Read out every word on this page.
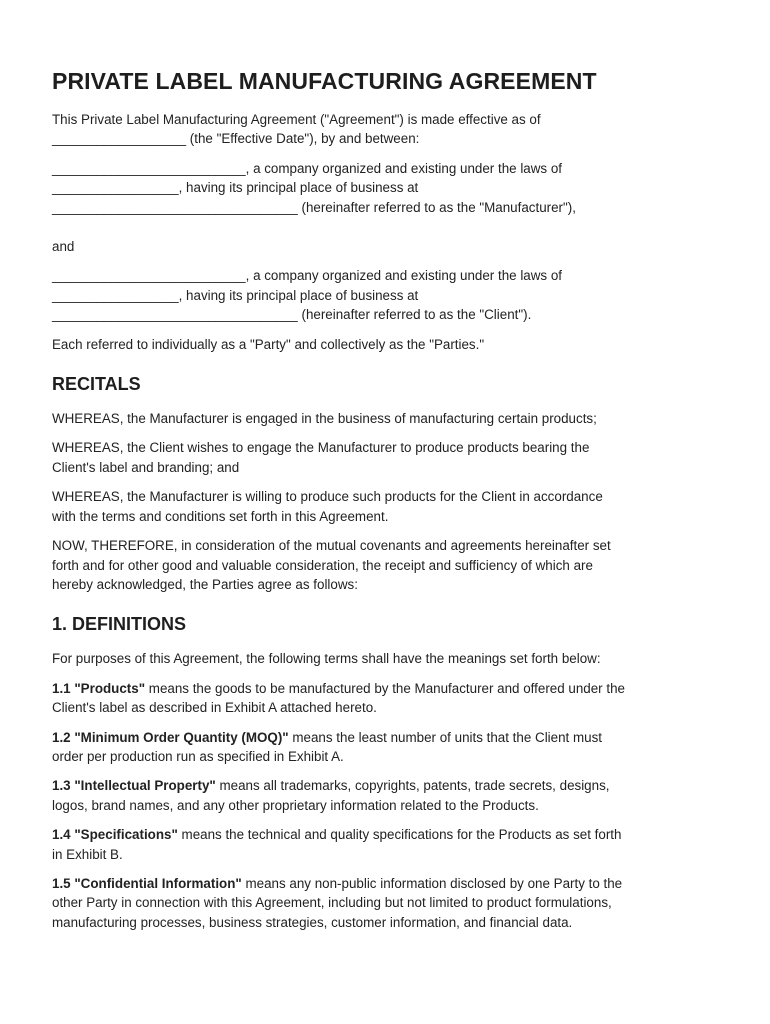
PRIVATE LABEL MANUFACTURING AGREEMENT

This Private Label Manufacturing Agreement ("Agreement") is made effective as of
__________________ (the "Effective Date"), by and between:

__________________________, a company organized and existing under the laws of
_________________, having its principal place of business at
_________________________________ (hereinafter referred to as the "Manufacturer"),

and

__________________________, a company organized and existing under the laws of
_________________, having its principal place of business at
_________________________________ (hereinafter referred to as the "Client").

Each referred to individually as a "Party" and collectively as the "Parties."

RECITALS

WHEREAS, the Manufacturer is engaged in the business of manufacturing certain products;

WHEREAS, the Client wishes to engage the Manufacturer to produce products bearing the
Client's label and branding; and

WHEREAS, the Manufacturer is willing to produce such products for the Client in accordance
with the terms and conditions set forth in this Agreement.

NOW, THEREFORE, in consideration of the mutual covenants and agreements hereinafter set
forth and for other good and valuable consideration, the receipt and sufficiency of which are
hereby acknowledged, the Parties agree as follows:

1. DEFINITIONS

For purposes of this Agreement, the following terms shall have the meanings set forth below:

1.1 "Products" means the goods to be manufactured by the Manufacturer and offered under the
Client's label as described in Exhibit A attached hereto.

1.2 "Minimum Order Quantity (MOQ)" means the least number of units that the Client must
order per production run as specified in Exhibit A.

1.3 "Intellectual Property" means all trademarks, copyrights, patents, trade secrets, designs,
logos, brand names, and any other proprietary information related to the Products.

1.4 "Specifications" means the technical and quality specifications for the Products as set forth
in Exhibit B.

1.5 "Confidential Information" means any non-public information disclosed by one Party to the
other Party in connection with this Agreement, including but not limited to product formulations,
manufacturing processes, business strategies, customer information, and financial data.
